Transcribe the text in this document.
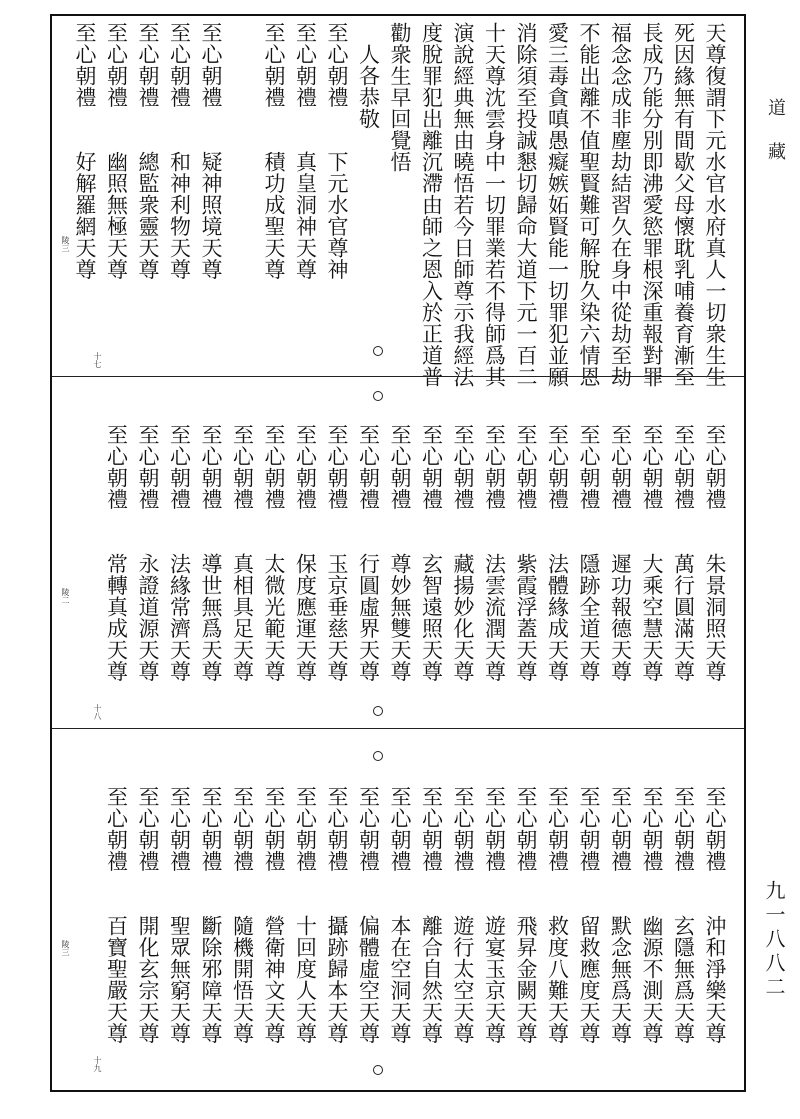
天尊復謂下元水官水府真人一切衆生生
死因緣無有間歇父母懷耽乳哺養育漸至
長成乃能分別即沸愛慾罪根深重報對罪
福念念成非塵劫結習久在身中從劫至劫
不能出離不值聖賢難可解脫久染六情恩
愛三毒貪嗔愚癡嫉妬賢能一切罪犯並願
消除須至投誠懇切歸命大道下元一百二
十天尊沈雲身中一切罪業若不得師爲其
演說經典無由曉悟若今日師尊示我經法
度脫罪犯出離沉滯由師之恩入於正道普
勸衆生早回覺悟
　人各恭敬
至心朝禮　　下元水官尊神
至心朝禮　　真皇洞神天尊
至心朝禮　　積功成聖天尊
至心朝禮　　疑神照境天尊
至心朝禮　　和神利物天尊
至心朝禮　　總監衆靈天尊
至心朝禮　　幽照無極天尊
至心朝禮　　好解羅網天尊
十七
陵三
至心朝禮　　朱景洞照天尊
至心朝禮　　萬行圓滿天尊
至心朝禮　　大乘空慧天尊
至心朝禮　　遲功報德天尊
至心朝禮　　隱跡全道天尊
至心朝禮　　法體緣成天尊
至心朝禮　　紫霞浮蓋天尊
至心朝禮　　法雲流潤天尊
至心朝禮　　藏揚妙化天尊
至心朝禮　　玄智遠照天尊
至心朝禮　　尊妙無雙天尊
至心朝禮　　行圓虛界天尊
至心朝禮　　玉京垂慈天尊
至心朝禮　　保度應運天尊
至心朝禮　　太微光範天尊
至心朝禮　　真相具足天尊
至心朝禮　　導世無爲天尊
至心朝禮　　法緣常濟天尊
至心朝禮　　永證道源天尊
至心朝禮　　常轉真成天尊
十八
陵二
至心朝禮　　沖和淨樂天尊
至心朝禮　　玄隱無爲天尊
至心朝禮　　幽源不測天尊
至心朝禮　　默念無爲天尊
至心朝禮　　留救應度天尊
至心朝禮　　救度八難天尊
至心朝禮　　飛昇金闕天尊
至心朝禮　　遊宴玉京天尊
至心朝禮　　遊行太空天尊
至心朝禮　　離合自然天尊
至心朝禮　　本在空洞天尊
至心朝禮　　偏體虛空天尊
至心朝禮　　攝跡歸本天尊
至心朝禮　　十回度人天尊
至心朝禮　　營衛神文天尊
至心朝禮　　隨機開悟天尊
至心朝禮　　斷除邪障天尊
至心朝禮　　聖眾無窮天尊
至心朝禮　　開化玄宗天尊
至心朝禮　　百寶聖嚴天尊
十九
陵三
道藏
九一八八二
